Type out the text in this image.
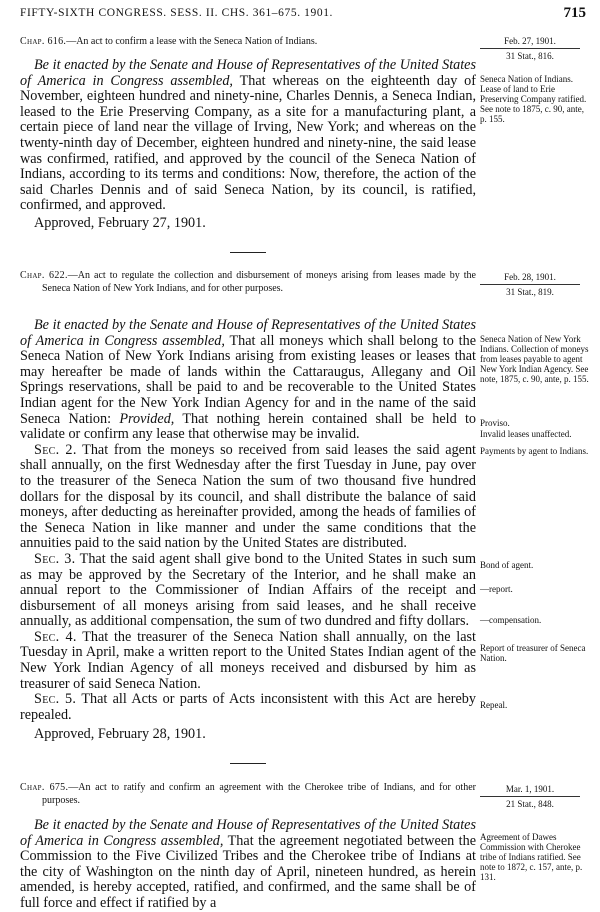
FIFTY-SIXTH CONGRESS. SESS. II. CHS. 361–675. 1901.	715
Chap. 616.—An act to confirm a lease with the Seneca Nation of Indians.	Feb. 27, 1901.
31 Stat., 816.

Be it enacted by the Senate and House of Representatives of the United States of America in Congress assembled, That whereas on the eighteenth day of November, eighteen hundred and ninety-nine, Charles Dennis, a Seneca Indian, leased to the Erie Preserving Company, as a site for a manufacturing plant, a certain piece of land near the village of Irving, New York; and whereas on the twenty-ninth day of December, eighteen hundred and ninety-nine, the said lease was confirmed, ratified, and approved by the council of the Seneca Nation of Indians, according to its terms and conditions: Now, therefore, the action of the said Charles Dennis and of said Seneca Nation, by its council, is ratified, confirmed, and approved.

Seneca Nation of Indians. Lease of land to Erie Preserving Company ratified. See note to 1875, c. 90, ante, p. 155.

Approved, February 27, 1901.

Chap. 622.—An act to regulate the collection and disbursement of moneys arising from leases made by the Seneca Nation of New York Indians, and for other purposes.
Feb. 28, 1901.
31 Stat., 819.

Be it enacted by the Senate and House of Representatives of the United States of America in Congress assembled, That all moneys which shall belong to the Seneca Nation of New York Indians arising from existing leases or leases that may hereafter be made of lands within the Cattaraugus, Allegany and Oil Springs reservations, shall be paid to and be recoverable to the United States Indian agent for the New York Indian Agency for and in the name of the said Seneca Nation: Provided, That nothing herein contained shall be held to validate or confirm any lease that otherwise may be invalid.

Sec. 2. That from the moneys so received from said leases the said agent shall annually, on the first Wednesday after the first Tuesday in June, pay over to the treasurer of the Seneca Nation the sum of two thousand five hundred dollars for the disposal by its council, and shall distribute the balance of said moneys, after deducting as hereinafter provided, among the heads of families of the Seneca Nation in like manner and under the same conditions that the annuities paid to the said nation by the United States are distributed.

Sec. 3. That the said agent shall give bond to the United States in such sum as may be approved by the Secretary of the Interior, and he shall make an annual report to the Commissioner of Indian Affairs of the receipt and disbursement of all moneys arising from said leases, and he shall receive annually, as additional compensation, the sum of two dundred and fifty dollars.

Sec. 4. That the treasurer of the Seneca Nation shall annually, on the last Tuesday in April, make a written report to the United States Indian agent of the New York Indian Agency of all moneys received and disbursed by him as treasurer of said Seneca Nation.

Sec. 5. That all Acts or parts of Acts inconsistent with this Act are hereby repealed.

Seneca Nation of New York Indians. Collection of moneys from leases payable to agent New York Indian Agency. See note, 1875, c. 90, ante, p. 155.
Proviso.
Invalid leases unaffected.
Payments by agent to Indians.
Bond of agent.
—report.
—compensation.
Report of treasurer of Seneca Nation.
Repeal.

Approved, February 28, 1901.

Chap. 675.—An act to ratify and confirm an agreement with the Cherokee tribe of Indians, and for other purposes.
Mar. 1, 1901.
21 Stat., 848.

Be it enacted by the Senate and House of Representatives of the United States of America in Congress assembled, That the agreement negotiated between the Commission to the Five Civilized Tribes and the Cherokee tribe of Indians at the city of Washington on the ninth day of April, nineteen hundred, as herein amended, is hereby accepted, ratified, and confirmed, and the same shall be of full force and effect if ratified by a

Agreement of Dawes Commission with Cherokee tribe of Indians ratified. See note to 1872, c. 157, ante, p. 131.
